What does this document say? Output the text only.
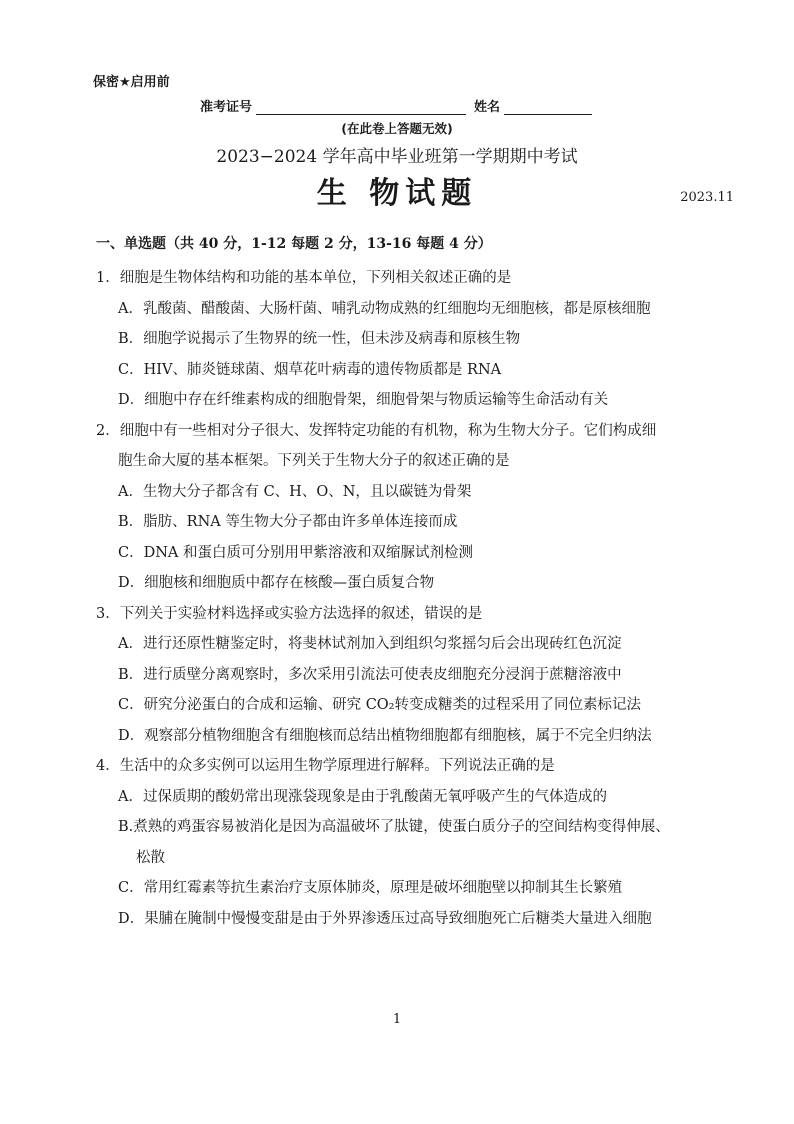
保密★启用前
准考证号	姓名
(在此卷上答题无效)
2023−2024 学年高中毕业班第一学期期中考试
生 物试题	2023.11
一、单选题（共 40 分，1-12 每题 2 分，13-16 每题 4 分）
1．细胞是生物体结构和功能的基本单位，下列相关叙述正确的是
A．乳酸菌、醋酸菌、大肠杆菌、哺乳动物成熟的红细胞均无细胞核，都是原核细胞
B．细胞学说揭示了生物界的统一性，但未涉及病毒和原核生物
C．HIV、肺炎链球菌、烟草花叶病毒的遗传物质都是 RNA
D．细胞中存在纤维素构成的细胞骨架，细胞骨架与物质运输等生命活动有关
2．细胞中有一些相对分子很大、发挥特定功能的有机物，称为生物大分子。它们构成细
胞生命大厦的基本框架。下列关于生物大分子的叙述正确的是
A．生物大分子都含有 C、H、O、N，且以碳链为骨架
B．脂肪、RNA 等生物大分子都由许多单体连接而成
C．DNA 和蛋白质可分别用甲紫溶液和双缩脲试剂检测
D．细胞核和细胞质中都存在核酸—蛋白质复合物
3．下列关于实验材料选择或实验方法选择的叙述，错误的是
A．进行还原性糖鉴定时，将斐林试剂加入到组织匀浆摇匀后会出现砖红色沉淀
B．进行质壁分离观察时，多次采用引流法可使表皮细胞充分浸润于蔗糖溶液中
C．研究分泌蛋白的合成和运输、研究 CO₂转变成糖类的过程采用了同位素标记法
D．观察部分植物细胞含有细胞核而总结出植物细胞都有细胞核，属于不完全归纳法
4．生活中的众多实例可以运用生物学原理进行解释。下列说法正确的是
A．过保质期的酸奶常出现涨袋现象是由于乳酸菌无氧呼吸产生的气体造成的
B.煮熟的鸡蛋容易被消化是因为高温破坏了肽键，使蛋白质分子的空间结构变得伸展、
松散
C．常用红霉素等抗生素治疗支原体肺炎，原理是破坏细胞壁以抑制其生长繁殖
D．果脯在腌制中慢慢变甜是由于外界渗透压过高导致细胞死亡后糖类大量进入细胞
1
